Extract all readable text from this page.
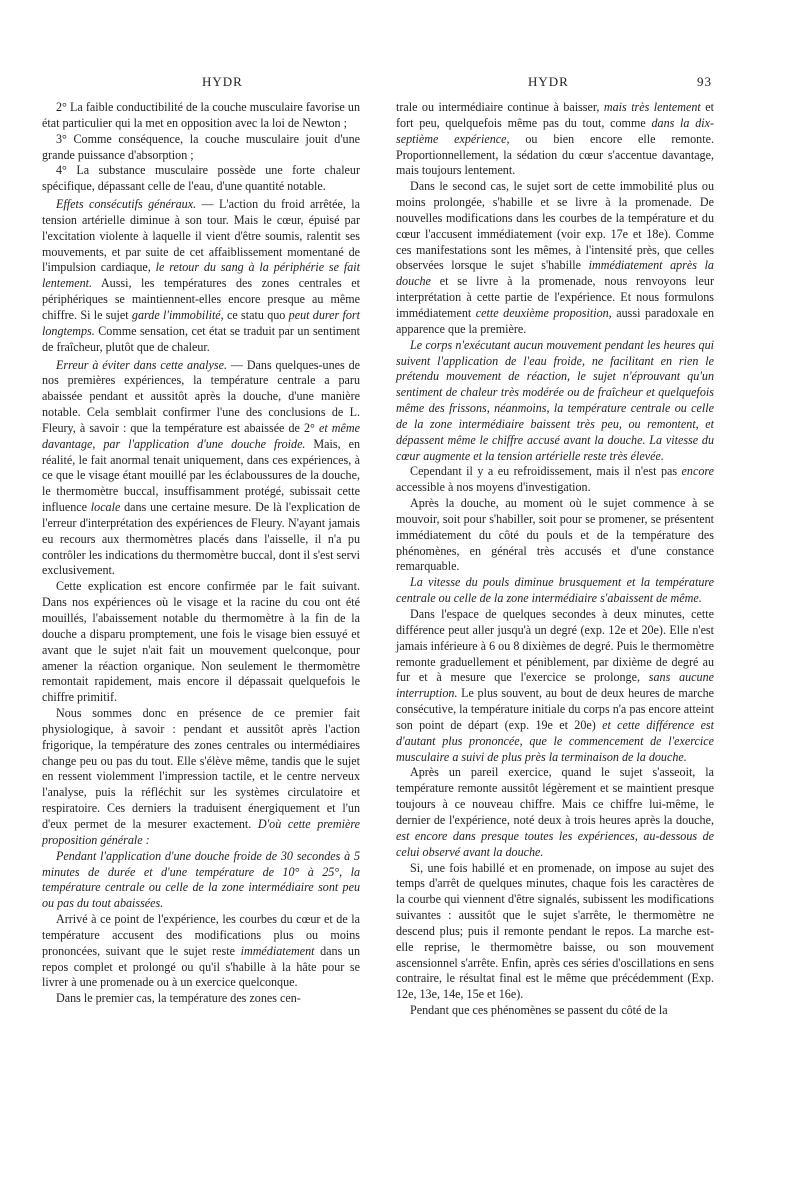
HYDR	HYDR	93

2° La faible conductibilité de la couche musculaire favorise un état particulier qui la met en opposition avec la loi de Newton ;

3° Comme conséquence, la couche musculaire jouit d'une grande puissance d'absorption ;

4° La substance musculaire possède une forte chaleur spécifique, dépassant celle de l'eau, d'une quantité notable.

Effets consécutifs généraux. — L'action du froid arrêtée, la tension artérielle diminue à son tour. Mais le cœur, épuisé par l'excitation violente à laquelle il vient d'être soumis, ralentit ses mouvements, et par suite de cet affaiblissement momentané de l'impulsion cardiaque, le retour du sang à la périphérie se fait lentement. Aussi, les températures des zones centrales et périphériques se maintiennent-elles encore presque au même chiffre. Si le sujet garde l'immobilité, ce statu quo peut durer fort longtemps. Comme sensation, cet état se traduit par un sentiment de fraîcheur, plutôt que de chaleur.

Erreur à éviter dans cette analyse. — Dans quelques-unes de nos premières expériences, la température centrale a paru abaissée pendant et aussitôt après la douche, d'une manière notable. Cela semblait confirmer l'une des conclusions de L. Fleury, à savoir : que la température est abaissée de 2° et même davantage, par l'application d'une douche froide. Mais, en réalité, le fait anormal tenait uniquement, dans ces expériences, à ce que le visage étant mouillé par les éclaboussures de la douche, le thermomètre buccal, insuffisamment protégé, subissait cette influence locale dans une certaine mesure. De là l'explication de l'erreur d'interprétation des expériences de Fleury. N'ayant jamais eu recours aux thermomètres placés dans l'aisselle, il n'a pu contrôler les indications du thermomètre buccal, dont il s'est servi exclusivement.

Cette explication est encore confirmée par le fait suivant. Dans nos expériences où le visage et la racine du cou ont été mouillés, l'abaissement notable du thermomètre à la fin de la douche a disparu promptement, une fois le visage bien essuyé et avant que le sujet n'ait fait un mouvement quelconque, pour amener la réaction organique. Non seulement le thermomètre remontait rapidement, mais encore il dépassait quelquefois le chiffre primitif.

Nous sommes donc en présence de ce premier fait physiologique, à savoir : pendant et aussitôt après l'action frigorique, la température des zones centrales ou intermédiaires change peu ou pas du tout. Elle s'élève même, tandis que le sujet en ressent violemment l'impression tactile, et le centre nerveux l'analyse, puis la réfléchit sur les systèmes circulatoire et respiratoire. Ces derniers la traduisent énergiquement et l'un d'eux permet de la mesurer exactement. D'où cette première proposition générale :

Pendant l'application d'une douche froide de 30 secondes à 5 minutes de durée et d'une température de 10° à 25°, la température centrale ou celle de la zone intermédiaire sont peu ou pas du tout abaissées.

Arrivé à ce point de l'expérience, les courbes du cœur et de la température accusent des modifications plus ou moins prononcées, suivant que le sujet reste immédiatement dans un repos complet et prolongé ou qu'il s'habille à la hâte pour se livrer à une promenade ou à un exercice quelconque.

Dans le premier cas, la température des zones cen-

trale ou intermédiaire continue à baisser, mais très lentement et fort peu, quelquefois même pas du tout, comme dans la dix-septième expérience, ou bien encore elle remonte. Proportionnellement, la sédation du cœur s'accentue davantage, mais toujours lentement.

Dans le second cas, le sujet sort de cette immobilité plus ou moins prolongée, s'habille et se livre à la promenade. De nouvelles modifications dans les courbes de la température et du cœur l'accusent immédiatement (voir exp. 17e et 18e). Comme ces manifestations sont les mêmes, à l'intensité près, que celles observées lorsque le sujet s'habille immédiatement après la douche et se livre à la promenade, nous renvoyons leur interprétation à cette partie de l'expérience. Et nous formulons immédiatement cette deuxième proposition, aussi paradoxale en apparence que la première.

Le corps n'exécutant aucun mouvement pendant les heures qui suivent l'application de l'eau froide, ne facilitant en rien le prétendu mouvement de réaction, le sujet n'éprouvant qu'un sentiment de chaleur très modérée ou de fraîcheur et quelquefois même des frissons, néanmoins, la température centrale ou celle de la zone intermédiaire baissent très peu, ou remontent, et dépassent même le chiffre accusé avant la douche. La vitesse du cœur augmente et la tension artérielle reste très élevée.

Cependant il y a eu refroidissement, mais il n'est pas encore accessible à nos moyens d'investigation.

Après la douche, au moment où le sujet commence à se mouvoir, soit pour s'habiller, soit pour se promener, se présentent immédiatement du côté du pouls et de la température des phénomènes, en général très accusés et d'une constance remarquable.

La vitesse du pouls diminue brusquement et la température centrale ou celle de la zone intermédiaire s'abaissent de même.

Dans l'espace de quelques secondes à deux minutes, cette différence peut aller jusqu'à un degré (exp. 12e et 20e). Elle n'est jamais inférieure à 6 ou 8 dixièmes de degré. Puis le thermomètre remonte graduellement et péniblement, par dixième de degré au fur et à mesure que l'exercice se prolonge, sans aucune interruption. Le plus souvent, au bout de deux heures de marche consécutive, la température initiale du corps n'a pas encore atteint son point de départ (exp. 19e et 20e) et cette différence est d'autant plus prononcée, que le commencement de l'exercice musculaire a suivi de plus près la terminaison de la douche.

Après un pareil exercice, quand le sujet s'asseoit, la température remonte aussitôt légèrement et se maintient presque toujours à ce nouveau chiffre. Mais ce chiffre lui-même, le dernier de l'expérience, noté deux à trois heures après la douche, est encore dans presque toutes les expériences, au-dessous de celui observé avant la douche.

Si, une fois habillé et en promenade, on impose au sujet des temps d'arrêt de quelques minutes, chaque fois les caractères de la courbe qui viennent d'être signalés, subissent les modifications suivantes : aussitôt que le sujet s'arrête, le thermomètre ne descend plus; puis il remonte pendant le repos. La marche est-elle reprise, le thermomètre baisse, ou son mouvement ascensionnel s'arrête. Enfin, après ces séries d'oscillations en sens contraire, le résultat final est le même que précédemment (Exp. 12e, 13e, 14e, 15e et 16e).

Pendant que ces phénomènes se passent du côté de la
